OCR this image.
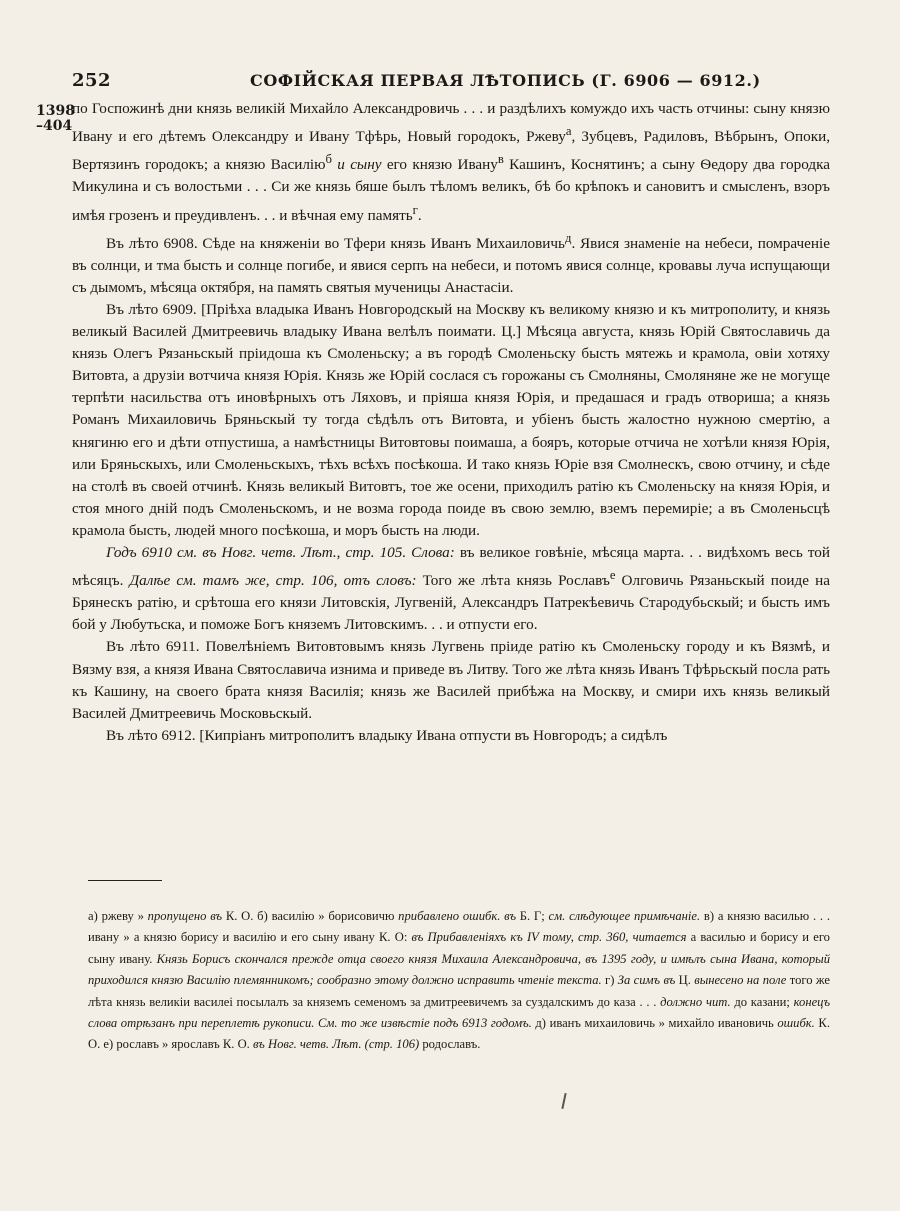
252	СОФІЙСКАЯ ПЕРВАЯ ЛѢТОПИСЬ (Г. 6906 — 6912.)
1398
–404

по Госпожинѣ дни князь великій Михайло Александровичь . . . и раздѣлихъ комуждо ихъ часть отчины: сыну князю Ивану и его дѣтемъ Олександру и Ивану Тфѣрь, Новый городокъ, Ржеву$^а$, Зубцевъ, Радиловъ, Вѣбрынъ, Опоки, Вертязинъ городокъ; а князю Василію$^б$ и сыну его князю Ивану$^в$ Кашинъ, Коснятинъ; а сыну Ѳедору два городка Микулина и съ волостьми . . . Си же князь бяше былъ тѣломъ великъ, бѣ бо крѣпокъ и сановитъ и смысленъ, взоръ имѣя грозенъ и преудивленъ. . . и вѣчная ему память$^г$.

Въ лѣто 6908. Сѣде на княженіи во Тфери князь Иванъ Михаиловичь$^д$. Явися знаменіе на небеси, помраченіе въ солнци, и тма бысть и солнце погибе, и явися серпъ на небеси, и потомъ явися солнце, кровавы луча испущающи съ дымомъ, мѣсяца октября, на память святыя мученицы Анастасіи.

Въ лѣто 6909. [Пріѣха владыка Иванъ Новгородскый на Москву къ великому князю и къ митрополиту, и князь великый Василей Дмитреевичь владыку Ивана велѣлъ поимати. Ц.] Мѣсяца августа, князь Юрій Святославичь да князь Олегъ Рязаньскый пріидоша къ Смоленьску; а въ городѣ Смоленьску бысть мятежь и крамола, овіи хотяху Витовта, а друзіи вотчича князя Юрія. Князь же Юрій сослася съ горожаны съ Смолняны, Смоляняне же не могуще терпѣти насильства отъ иновѣрныхъ отъ Ляховъ, и пріяша князя Юрія, и предашася и градъ отвориша; а князь Романъ Михаиловичь Бряньскый ту тогда сѣдѣлъ отъ Витовта, и убіенъ бысть жалостно нужною смертію, а княгиню его и дѣти отпустиша, а намѣстницы Витовтовы поимаша, а бояръ, которые отчича не хотѣли князя Юрія, или Бряньскыхъ, или Смоленьскыхъ, тѣхъ всѣхъ посѣкоша. И тако князь Юріе взя Смолнескъ, свою отчину, и сѣде на столѣ въ своей отчинѣ. Князь великый Витовтъ, тое же осени, приходилъ ратію къ Смоленьску на князя Юрія, и стоя много дній подъ Смоленьскомъ, и не возма города поиде въ свою землю, вземъ перемиріе; а въ Смоленьсцѣ крамола бысть, людей много посѣкоша, и моръ бысть на люди.

Годъ 6910 см. въ Новг. четв. Лѣт., стр. 105. Слова: въ великое говѣніе, мѣсяца марта. . . видѣхомъ весь той мѣсяцъ. Далѣе см. тамъ же, стр. 106, отъ словъ: Того же лѣта князь Рославъ$^е$ Олговичь Рязаньскый поиде на Брянескъ ратію, и срѣтоша его князи Литовскія, Лугвеній, Александръ Патрекѣевичь Стародубьскый; и бысть имъ бой у Любутьска, и поможе Богъ княземъ Литовскимъ. . . и отпусти его.

Въ лѣто 6911. Повелѣніемъ Витовтовымъ князь Лугвень пріиде ратію къ Смоленьску городу и къ Вязмѣ, и Вязму взя, а князя Ивана Святославича изнима и приведе въ Литву. Того же лѣта князь Иванъ Тфѣрьскый посла рать къ Кашину, на своего брата князя Василія; князь же Василей прибѣжа на Москву, и смири ихъ князь великый Василей Дмитреевичь Московьскый.

Въ лѣто 6912. [Кипріанъ митрополитъ владыку Ивана отпусти въ Новгородъ; а сидѣлъ

а) ржеву » пропущено въ К. О. б) василію » борисовичю прибавлено ошибк. въ Б. Г; см. слѣдующее примѣчаніе. в) а князю василью . . . ивану » а князю борису и василію и его сыну ивану К. О: въ Прибавленіяхъ къ IV тому, стр. 360, читается а василью и борису и его сыну ивану. Князь Борисъ скончался прежде отца своего князя Михаила Александровича, въ 1395 году, и имѣлъ сына Ивана, который приходился князю Василію племянникомъ; сообразно этому должно исправить чтеніе текста. г) За симъ въ Ц. вынесено на поле того же лѣта князь великіи василеі посылалъ за княземъ семеномъ за дмитреевичемъ за суздалскимъ до каза . . . должно чит. до казани; конецъ слова отрѣзанъ при переплетѣ рукописи. См. то же извѣстіе подъ 6913 годомъ. д) иванъ михаиловичь » михайло ивановичь ошибк. К. О. е) рославъ » ярославъ К. О. въ Новг. четв. Лѣт. (стр. 106) родославъ.
